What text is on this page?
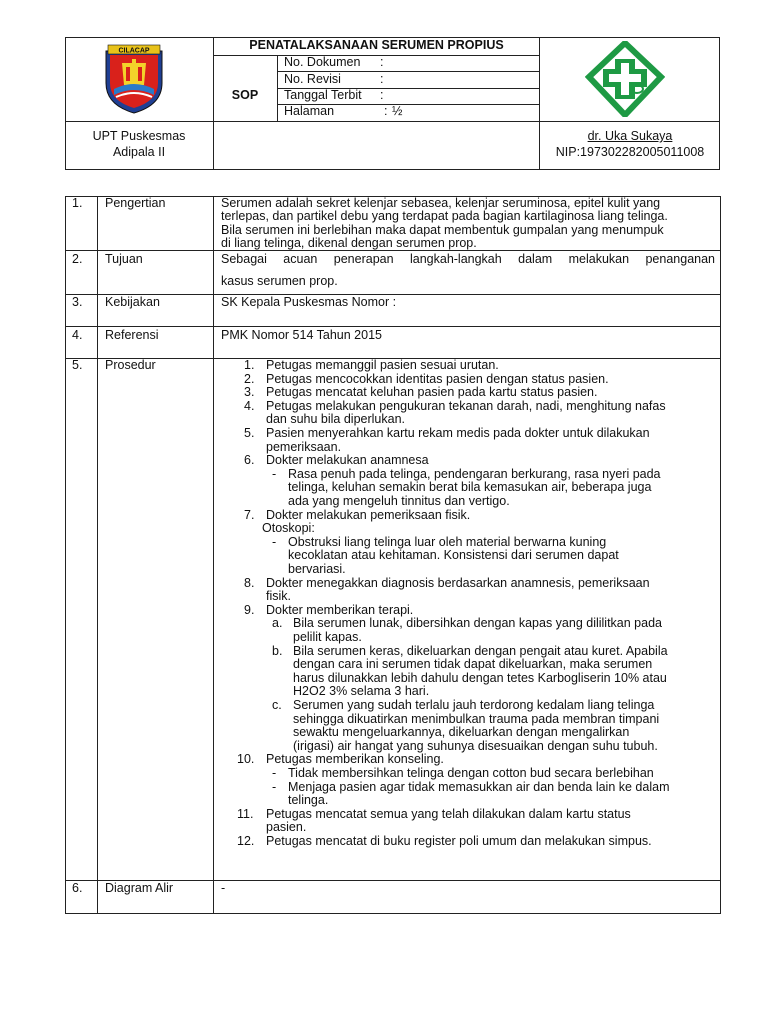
CILACAP	PENATALAKSANAAN SERUMEN PROPIUS
SOP
No. Dokumen :
No. Revisi	:
Tanggal Terbit :
Halaman	: ½
UPT Puskesmas
Adipala II
dr. Uka Sukaya
NIP:197302282005011008
1. Pengertian	Serumen adalah sekret kelenjar sebasea, kelenjar seruminosa, epitel kulit yang
terlepas, dan partikel debu yang terdapat pada bagian kartilaginosa liang telinga.
Bila serumen ini berlebihan maka dapat membentuk gumpalan yang menumpuk
di liang telinga, dikenal dengan serumen prop.
2. Tujuan	Sebagai acuan penerapan langkah-langkah dalam melakukan penanganan
kasus serumen prop.
3. Kebijakan	SK Kepala Puskesmas Nomor :
4. Referensi	PMK Nomor 514 Tahun 2015
5. Prosedur	1. Petugas memanggil pasien sesuai urutan.
2. Petugas mencocokkan identitas pasien dengan status pasien.
3. Petugas mencatat keluhan pasien pada kartu status pasien.
4. Petugas melakukan pengukuran tekanan darah, nadi, menghitung nafas
dan suhu bila diperlukan.
5. Pasien menyerahkan kartu rekam medis pada dokter untuk dilakukan
pemeriksaan.
6. Dokter melakukan anamnesa
- Rasa penuh pada telinga, pendengaran berkurang, rasa nyeri pada
telinga, keluhan semakin berat bila kemasukan air, beberapa juga
ada yang mengeluh tinnitus dan vertigo.
7. Dokter melakukan pemeriksaan fisik.
Otoskopi:
- Obstruksi liang telinga luar oleh material berwarna kuning
kecoklatan atau kehitaman. Konsistensi dari serumen dapat
bervariasi.
8. Dokter menegakkan diagnosis berdasarkan anamnesis, pemeriksaan
fisik.
9. Dokter memberikan terapi.
a. Bila serumen lunak, dibersihkan dengan kapas yang dililitkan pada
pelilit kapas.
b. Bila serumen keras, dikeluarkan dengan pengait atau kuret. Apabila
dengan cara ini serumen tidak dapat dikeluarkan, maka serumen
harus dilunakkan lebih dahulu dengan tetes Karbogliserin 10% atau
H2O2 3% selama 3 hari.
c. Serumen yang sudah terlalu jauh terdorong kedalam liang telinga
sehingga dikuatirkan menimbulkan trauma pada membran timpani
sewaktu mengeluarkannya, dikeluarkan dengan mengalirkan
(irigasi) air hangat yang suhunya disesuaikan dengan suhu tubuh.
10. Petugas memberikan konseling.
- Tidak membersihkan telinga dengan cotton bud secara berlebihan
- Menjaga pasien agar tidak memasukkan air dan benda lain ke dalam
telinga.
11. Petugas mencatat semua yang telah dilakukan dalam kartu status
pasien.
12. Petugas mencatat di buku register poli umum dan melakukan simpus.
6. Diagram Alir	-
